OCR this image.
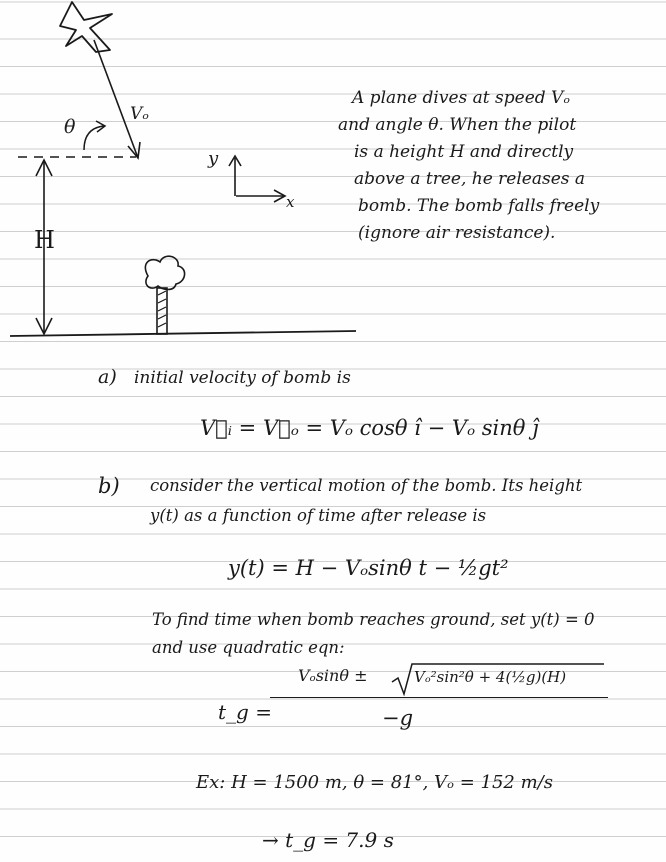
Vₒ
θ
H
y
x
A plane dives at speed Vₒ
and angle θ. When the pilot
is a height H and directly
above a tree, he releases a
bomb. The bomb falls freely
(ignore air resistance).
a) initial velocity of bomb is
V⃗ᵢ = V⃗ₒ = Vₒ cosθ î − Vₒ sinθ ĵ
b) consider the vertical motion of the bomb. Its height
y(t) as a function of time after release is
y(t) = H − Vₒsinθ t − ½gt²
To find time when bomb reaches ground, set y(t) = 0
and use quadratic eqn:
t_g =
Vₒsinθ ±	Vₒ²sin²θ + 4(½g)(H)
−g
Ex: H = 1500 m, θ = 81°, Vₒ = 152 m/s
→ t_g = 7.9 s
